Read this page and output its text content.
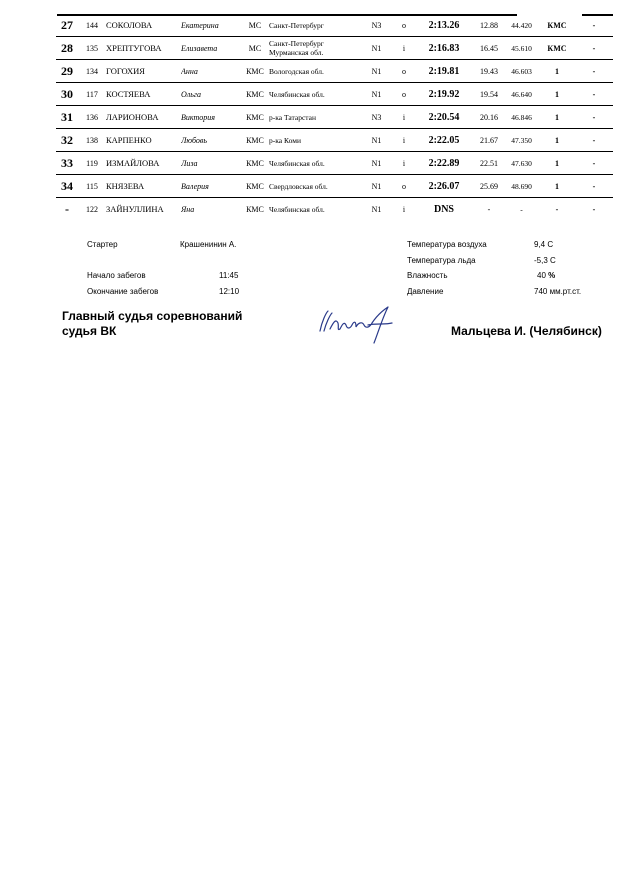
27	144	СОКОЛОВА	Екатерина	МС	Санкт-Петербург	N3	o	2:13.26	12.88	44.420	КМС	-
28	135	ХРЕПТУГОВА	Елизавета	МС	Санкт-Петербург Мурманская обл.	N1	i	2:16.83	16.45	45.610	КМС	-
29	134	ГОГОХИЯ	Анна	КМС	Вологодская обл.	N1	o	2:19.81	19.43	46.603	1	-
30	117	КОСТЯЕВА	Ольга	КМС	Челябинская обл.	N1	o	2:19.92	19.54	46.640	1	-
31	136	ЛАРИОНОВА	Виктория	КМС	р-ка Татарстан	N3	i	2:20.54	20.16	46.846	1	-
32	138	КАРПЕНКО	Любовь	КМС	р-ка Коми	N1	i	2:22.05	21.67	47.350	1	-
33	119	ИЗМАЙЛОВА	Лиза	КМС	Челябинская обл.	N1	i	2:22.89	22.51	47.630	1	-
34	115	КНЯЗЕВА	Валерия	КМС	Свердловская обл.	N1	o	2:26.07	25.69	48.690	1	-
-	122	ЗАЙНУЛЛИНА	Яна	КМС	Челябинская обл.	N1	i	DNS	-	-	-	-
Стартер	Крашенинин А.
Начало забегов	11:45
Окончание забегов	12:10
Температура воздуха	9,4 С
Температура льда	-5,3 С
Влажность	40 %
Давление	740 мм.рт.ст.
Главный судья соревнований
судья ВК	Мальцева И. (Челябинск)
